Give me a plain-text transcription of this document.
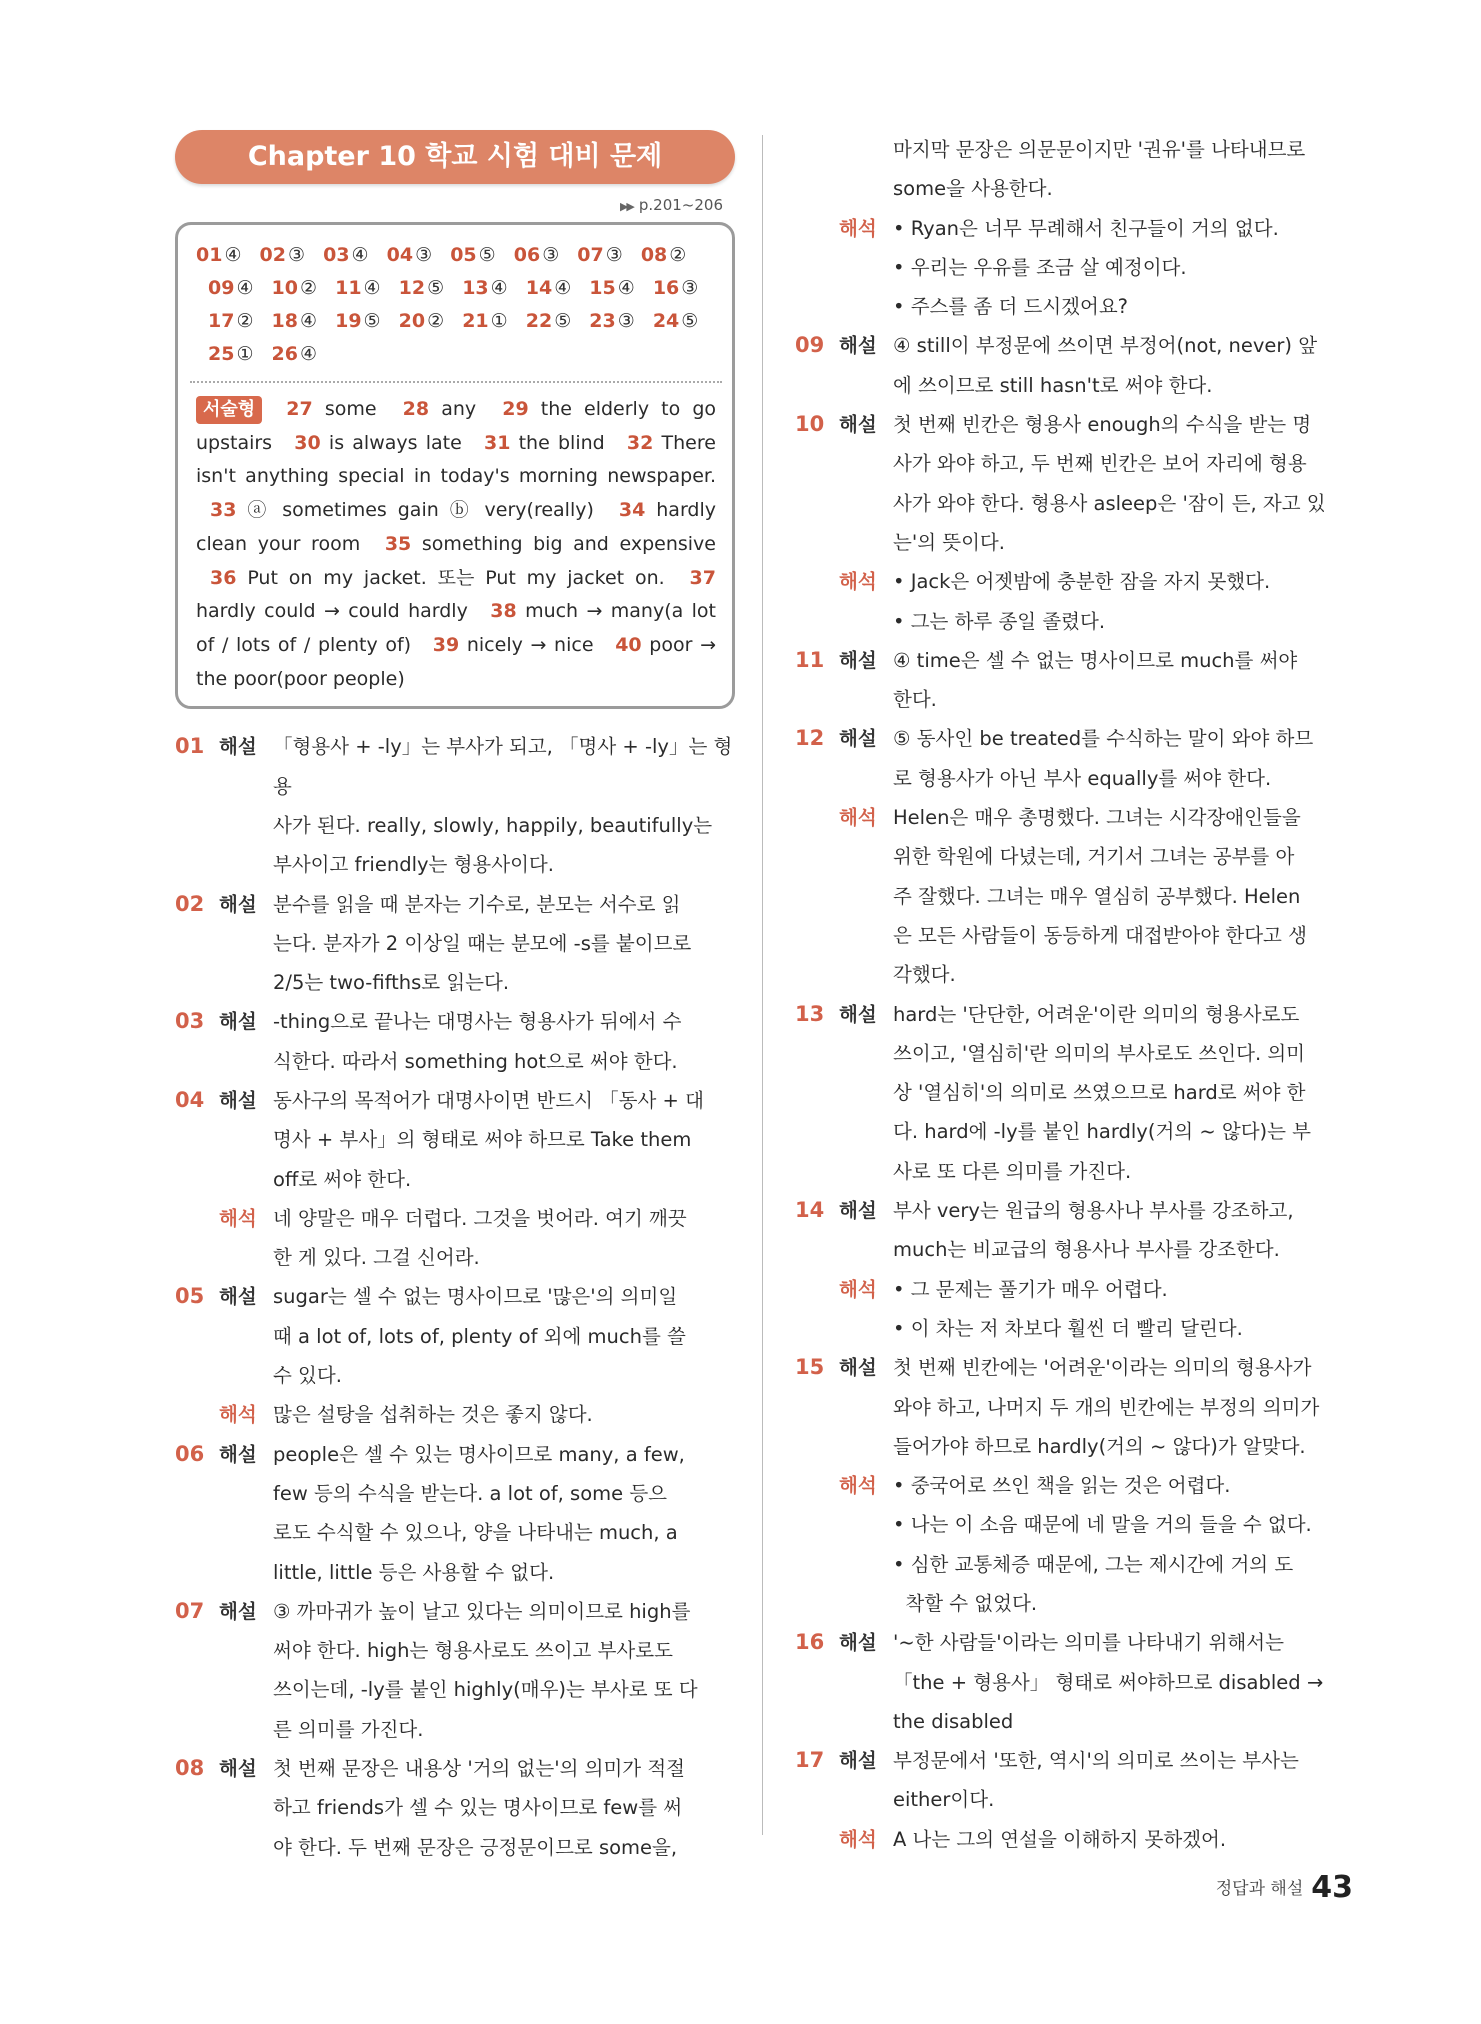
Chapter 10 학교 시험 대비 문제
▶▶ p.201~206
01 ④ 02 ③ 03 ④ 04 ③ 05 ⑤ 06 ③ 07 ③ 08 ② 09 ④ 10 ② 11 ④ 12 ⑤ 13 ④ 14 ④ 15 ④ 16 ③ 17 ② 18 ④ 19 ⑤ 20 ② 21 ① 22 ⑤ 23 ③ 24 ⑤ 25 ① 26 ④
서술형 27 some 28 any 29 the elderly to go upstairs 30 is always late 31 the blind 32 There isn't anything special in today's morning newspaper. 33 ⓐ sometimes gain ⓑ very(really) 34 hardly clean your room 35 something big and expensive 36 Put on my jacket. 또는 Put my jacket on. 37 hardly could → could hardly 38 much → many(a lot of / lots of / plenty of) 39 nicely → nice 40 poor → the poor(poor people)
01 해설 「형용사 + -ly」는 부사가 되고, 「명사 + -ly」는 형용
사가 된다. really, slowly, happily, beautifully는
부사이고 friendly는 형용사이다.
02 해설 분수를 읽을 때 분자는 기수로, 분모는 서수로 읽
는다. 분자가 2 이상일 때는 분모에 -s를 붙이므로
2/5는 two-fifths로 읽는다.
03 해설 -thing으로 끝나는 대명사는 형용사가 뒤에서 수
식한다. 따라서 something hot으로 써야 한다.
04 해설 동사구의 목적어가 대명사이면 반드시 「동사 + 대
명사 + 부사」의 형태로 써야 하므로 Take them
off로 써야 한다.
해석 네 양말은 매우 더럽다. 그것을 벗어라. 여기 깨끗
한 게 있다. 그걸 신어라.
05 해설 sugar는 셀 수 없는 명사이므로 '많은'의 의미일
때 a lot of, lots of, plenty of 외에 much를 쓸
수 있다.
해석 많은 설탕을 섭취하는 것은 좋지 않다.
06 해설 people은 셀 수 있는 명사이므로 many, a few,
few 등의 수식을 받는다. a lot of, some 등으
로도 수식할 수 있으나, 양을 나타내는 much, a
little, little 등은 사용할 수 없다.
07 해설 ③ 까마귀가 높이 날고 있다는 의미이므로 high를
써야 한다. high는 형용사로도 쓰이고 부사로도
쓰이는데, -ly를 붙인 highly(매우)는 부사로 또 다
른 의미를 가진다.
08 해설 첫 번째 문장은 내용상 '거의 없는'의 의미가 적절
하고 friends가 셀 수 있는 명사이므로 few를 써
야 한다. 두 번째 문장은 긍정문이므로 some을,
마지막 문장은 의문문이지만 '권유'를 나타내므로
some을 사용한다.
해석 • Ryan은 너무 무례해서 친구들이 거의 없다.
• 우리는 우유를 조금 살 예정이다.
• 주스를 좀 더 드시겠어요?
09 해설 ④ still이 부정문에 쓰이면 부정어(not, never) 앞
에 쓰이므로 still hasn't로 써야 한다.
10 해설 첫 번째 빈칸은 형용사 enough의 수식을 받는 명
사가 와야 하고, 두 번째 빈칸은 보어 자리에 형용
사가 와야 한다. 형용사 asleep은 '잠이 든, 자고 있
는'의 뜻이다.
해석 • Jack은 어젯밤에 충분한 잠을 자지 못했다.
• 그는 하루 종일 졸렸다.
11 해설 ④ time은 셀 수 없는 명사이므로 much를 써야
한다.
12 해설 ⑤ 동사인 be treated를 수식하는 말이 와야 하므
로 형용사가 아닌 부사 equally를 써야 한다.
해석 Helen은 매우 총명했다. 그녀는 시각장애인들을
위한 학원에 다녔는데, 거기서 그녀는 공부를 아
주 잘했다. 그녀는 매우 열심히 공부했다. Helen
은 모든 사람들이 동등하게 대접받아야 한다고 생
각했다.
13 해설 hard는 '단단한, 어려운'이란 의미의 형용사로도
쓰이고, '열심히'란 의미의 부사로도 쓰인다. 의미
상 '열심히'의 의미로 쓰였으므로 hard로 써야 한
다. hard에 -ly를 붙인 hardly(거의 ~ 않다)는 부
사로 또 다른 의미를 가진다.
14 해설 부사 very는 원급의 형용사나 부사를 강조하고,
much는 비교급의 형용사나 부사를 강조한다.
해석 • 그 문제는 풀기가 매우 어렵다.
• 이 차는 저 차보다 훨씬 더 빨리 달린다.
15 해설 첫 번째 빈칸에는 '어려운'이라는 의미의 형용사가
와야 하고, 나머지 두 개의 빈칸에는 부정의 의미가
들어가야 하므로 hardly(거의 ~ 않다)가 알맞다.
해석 • 중국어로 쓰인 책을 읽는 것은 어렵다.
• 나는 이 소음 때문에 네 말을 거의 들을 수 없다.
• 심한 교통체증 때문에, 그는 제시간에 거의 도
착할 수 없었다.
16 해설 '~한 사람들'이라는 의미를 나타내기 위해서는
「the + 형용사」 형태로 써야하므로 disabled →
the disabled
17 해설 부정문에서 '또한, 역시'의 의미로 쓰이는 부사는
either이다.
해석 A 나는 그의 연설을 이해하지 못하겠어.
정답과 해설 43
